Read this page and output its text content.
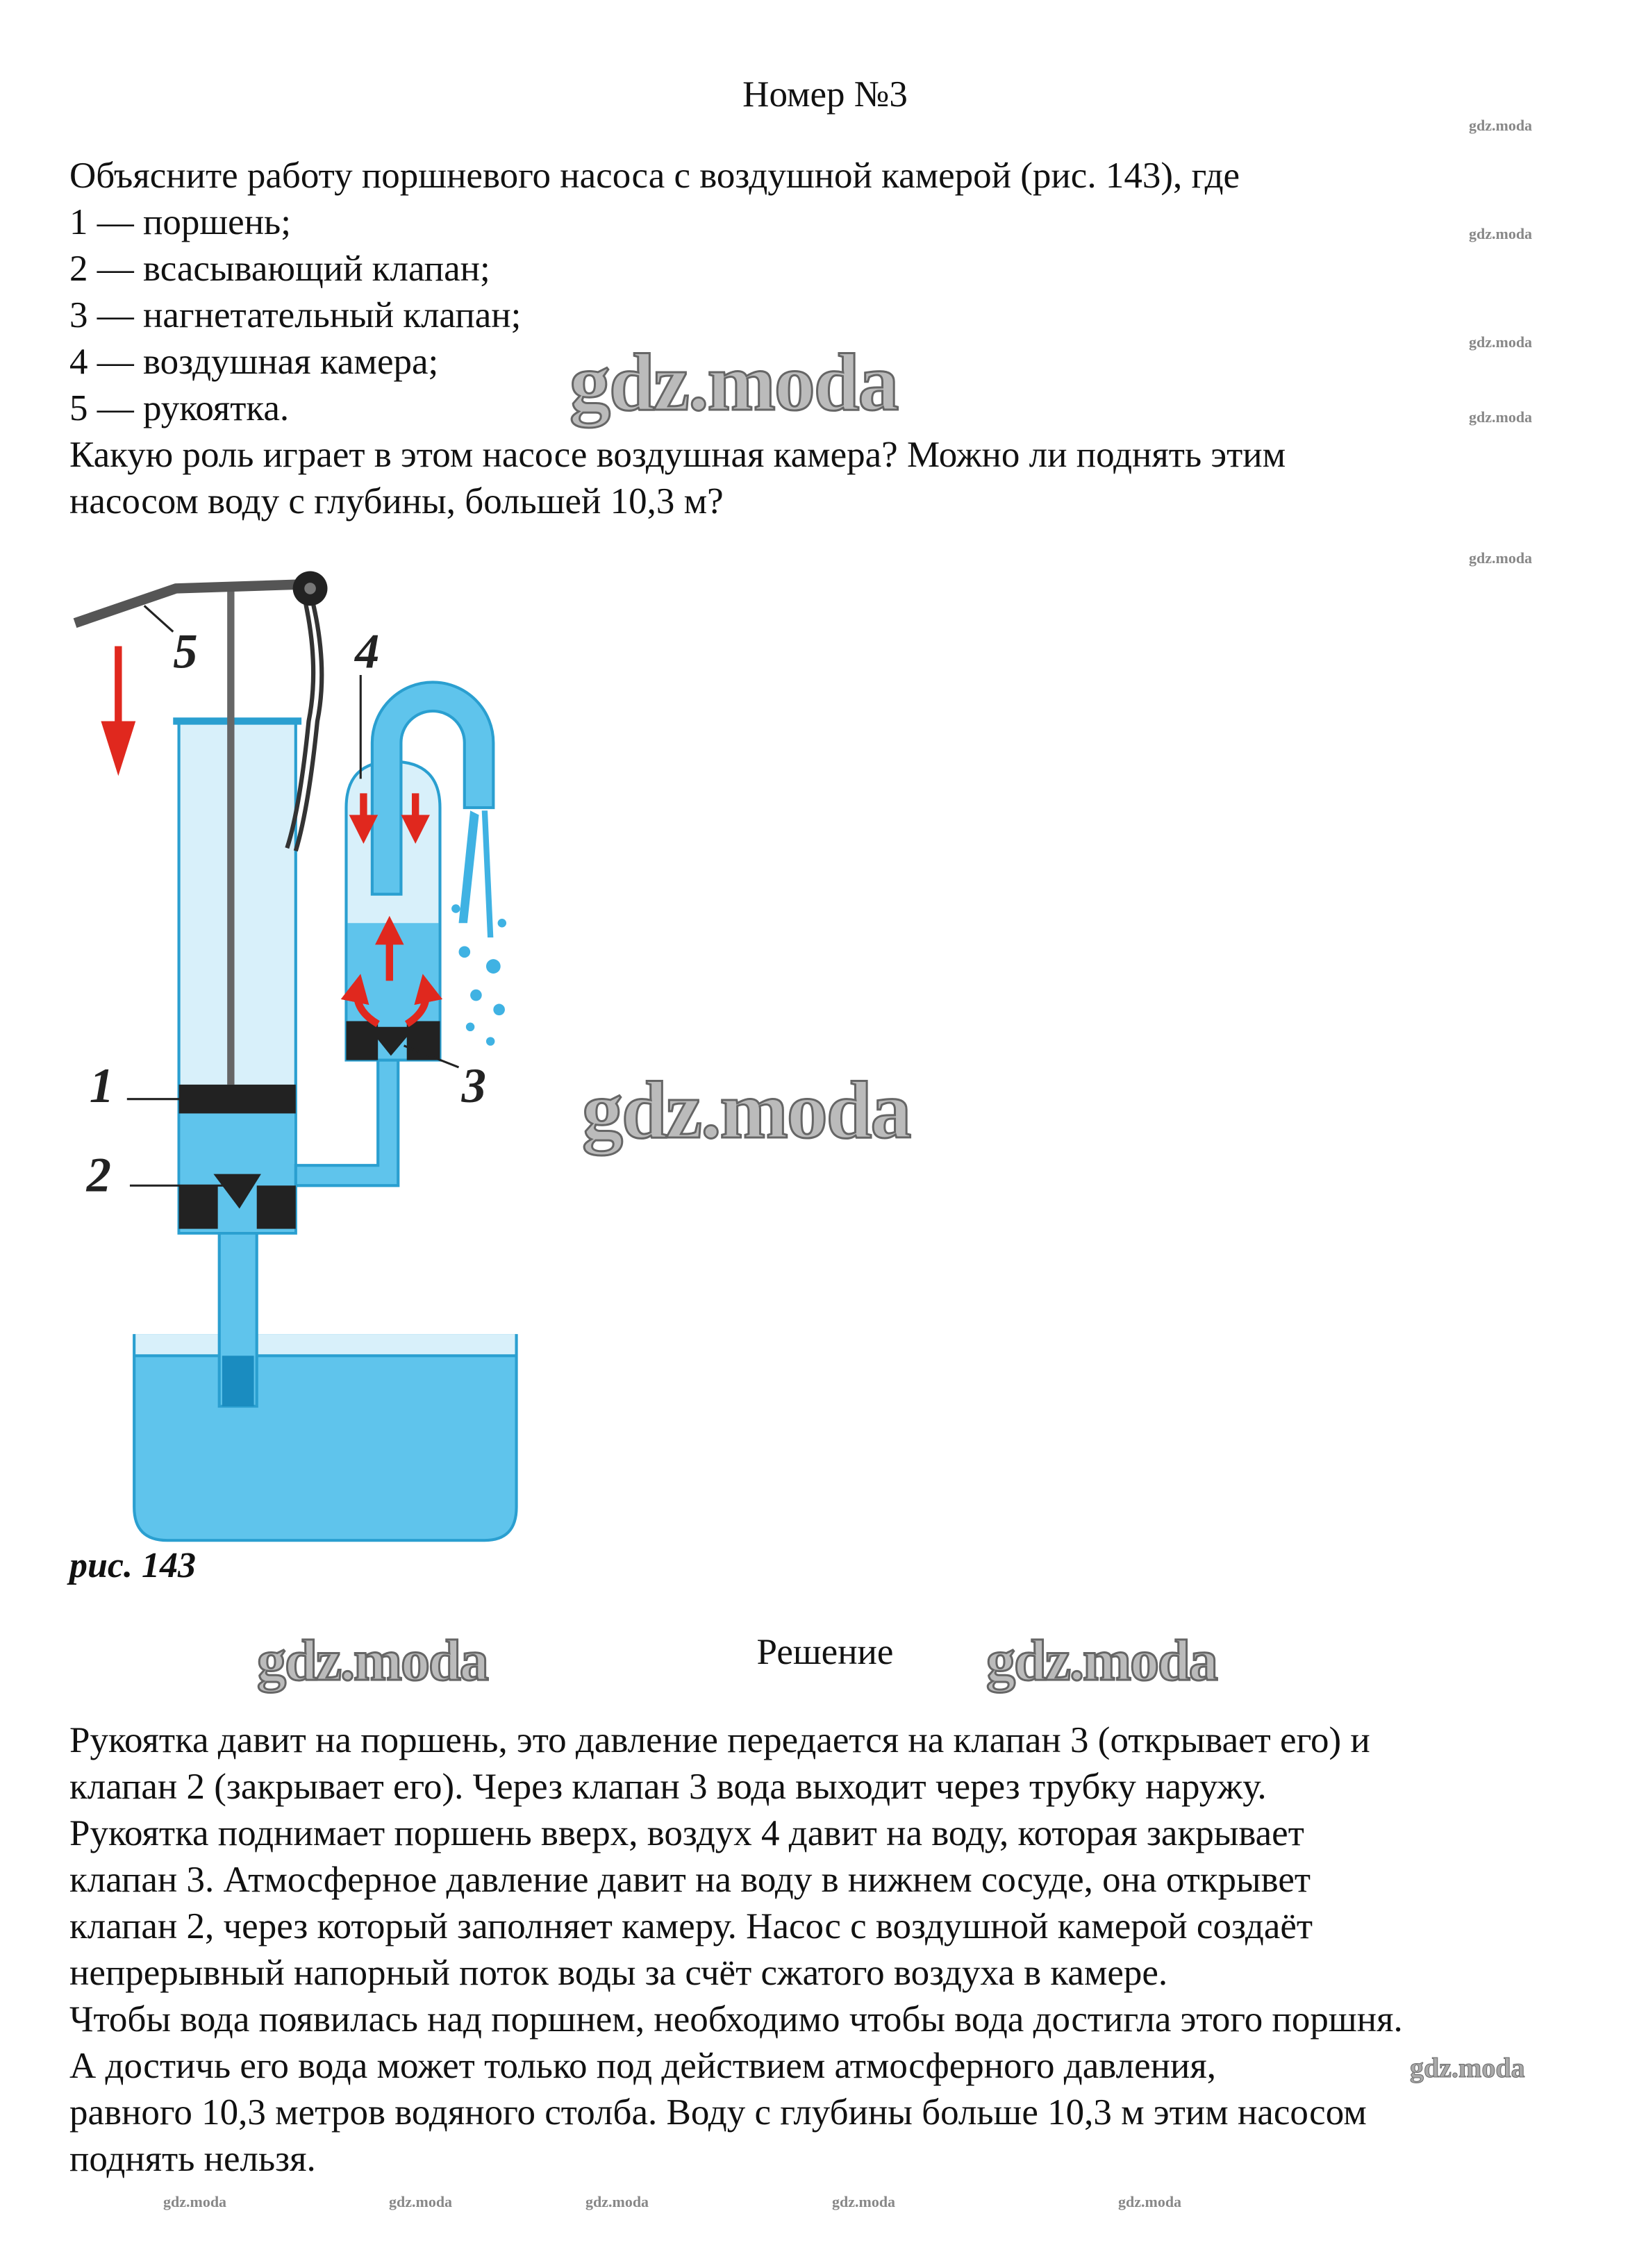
Номер №3
Объясните работу поршневого насоса с воздушной камерой (рис. 143), где
1 — поршень;
2 — всасывающий клапан;
3 — нагнетательный клапан;
4 — воздушная камера;
5 — рукоятка.
Какую роль играет в этом насосе воздушная камера? Можно ли поднять этим
насосом воду с глубины, большей 10,3 м?
5	4
1
2
3
рис. 143
Решение
Рукоятка давит на поршень, это давление передается на клапан 3 (открывает его) и
клапан 2 (закрывает его). Через клапан 3 вода выходит через трубку наружу.
Рукоятка поднимает поршень вверх, воздух 4 давит на воду, которая закрывает
клапан 3. Атмосферное давление давит на воду в нижнем сосуде, она открывет
клапан 2, через который заполняет камеру. Насос с воздушной камерой создаёт
непрерывный напорный поток воды за счёт сжатого воздуха в камере.
Чтобы вода появилась над поршнем, необходимо чтобы вода достигла этого поршня.
А достичь его вода может только под действием атмосферного давления,
равного 10,3 метров водяного столба. Воду с глубины больше 10,3 м этим насосом
поднять нельзя.
gdz.moda
gdz.moda
gdz.moda
gdz.moda
gdz.moda
gdz.moda
gdz.moda
gdz.moda	gdz.moda
gdz.moda
gdz.moda	gdz.moda	gdz.moda
gdz.moda	gdz.moda
